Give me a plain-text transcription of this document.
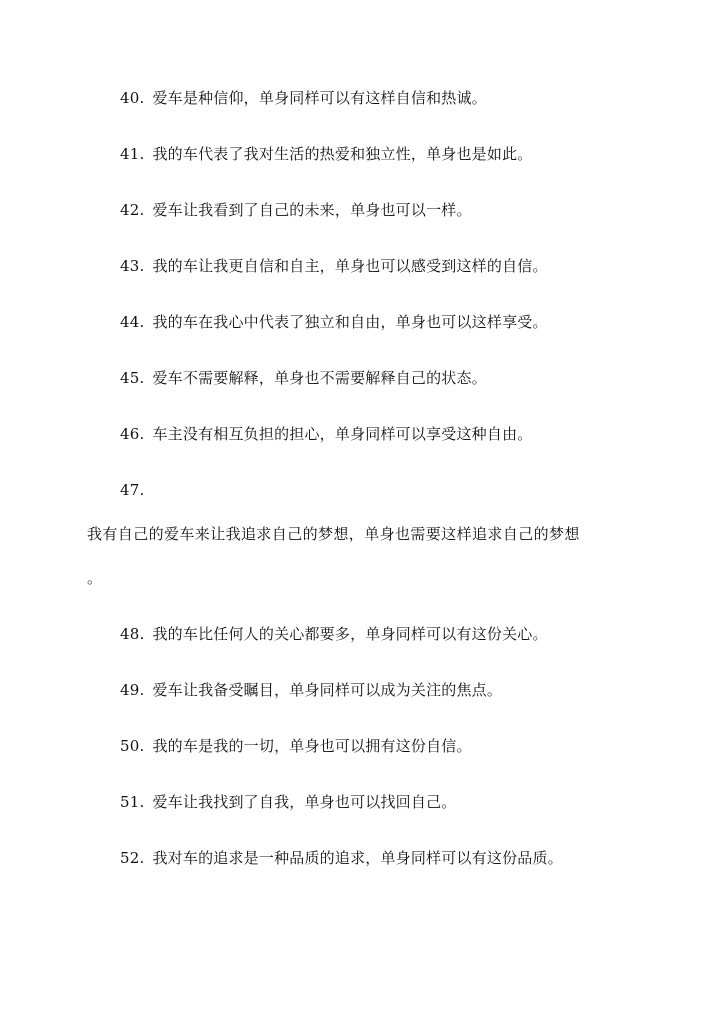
40. 爱车是种信仰，单身同样可以有这样自信和热诚。
41. 我的车代表了我对生活的热爱和独立性，单身也是如此。
42. 爱车让我看到了自己的未来，单身也可以一样。
43. 我的车让我更自信和自主，单身也可以感受到这样的自信。
44. 我的车在我心中代表了独立和自由，单身也可以这样享受。
45. 爱车不需要解释，单身也不需要解释自己的状态。
46. 车主没有相互负担的担心，单身同样可以享受这种自由。
47.
我有自己的爱车来让我追求自己的梦想，单身也需要这样追求自己的梦想
。
48. 我的车比任何人的关心都要多，单身同样可以有这份关心。
49. 爱车让我备受瞩目，单身同样可以成为关注的焦点。
50. 我的车是我的一切，单身也可以拥有这份自信。
51. 爱车让我找到了自我，单身也可以找回自己。
52. 我对车的追求是一种品质的追求，单身同样可以有这份品质。
